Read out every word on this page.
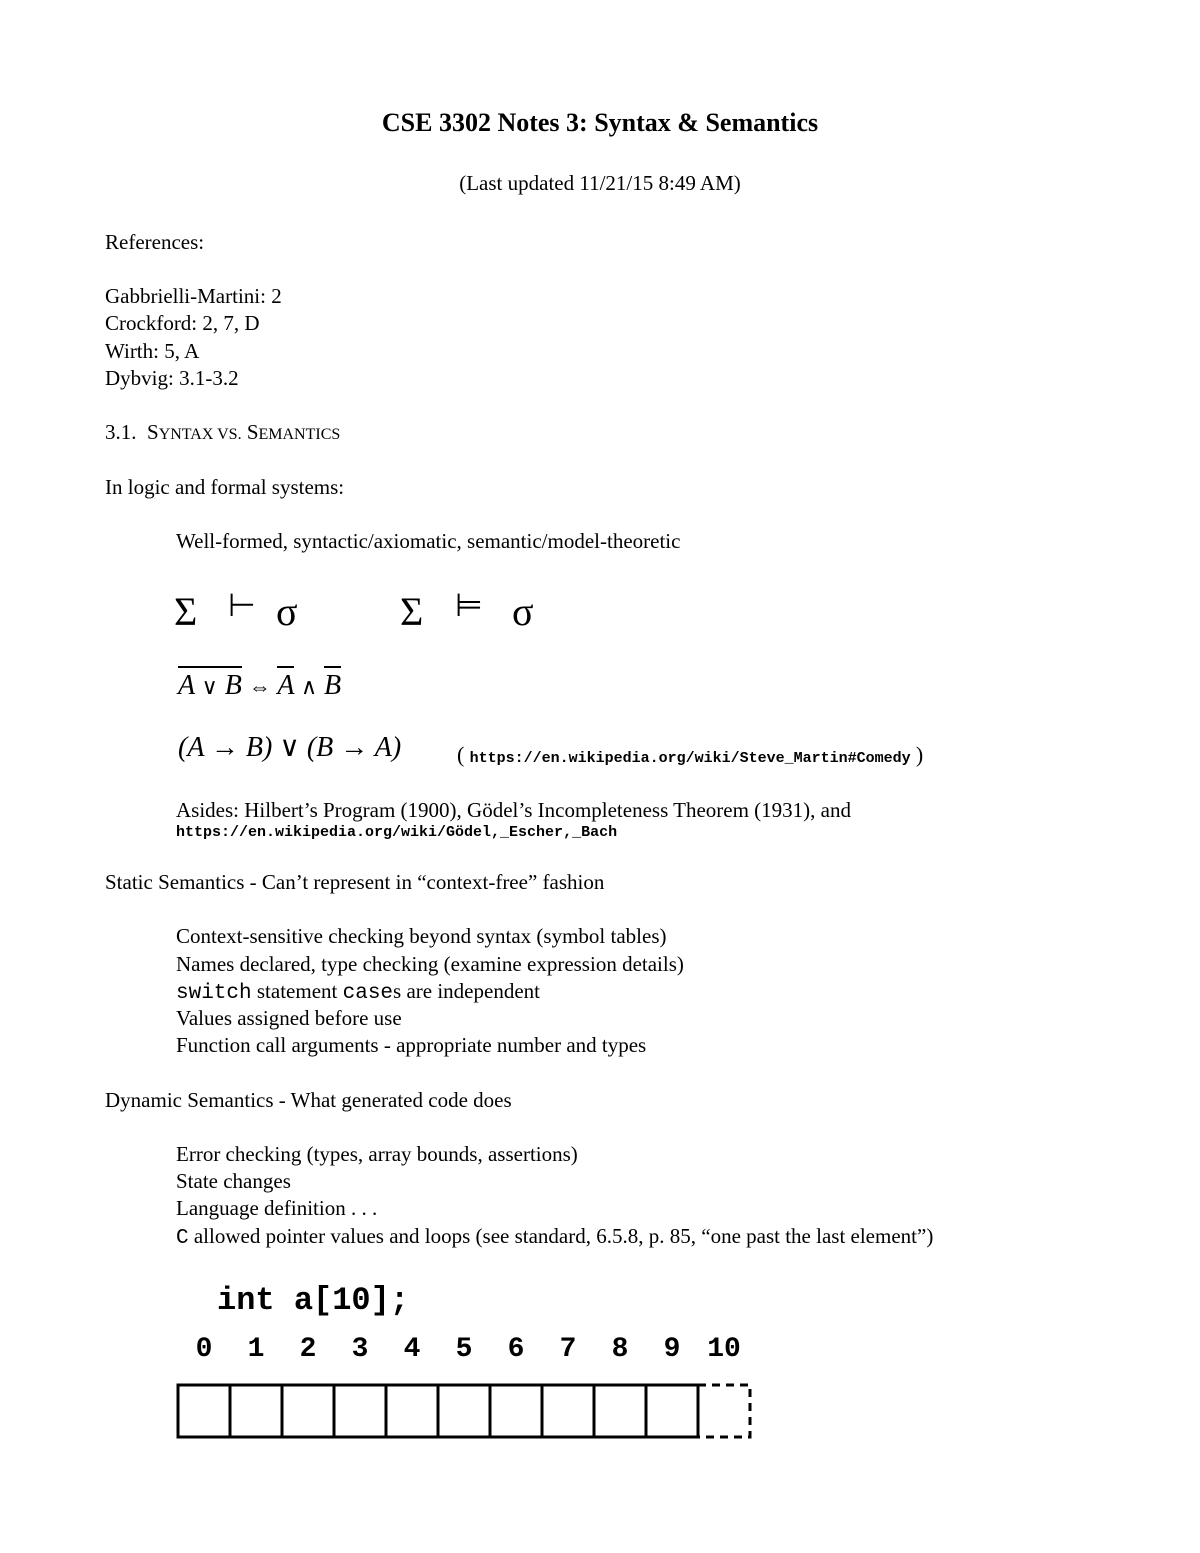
CSE 3302 Notes 3: Syntax & Semantics
(Last updated 11/21/15 8:49 AM)
References:
Gabbrielli-Martini: 2
Crockford: 2, 7, D
Wirth: 5, A
Dybvig: 3.1-3.2
3.1. SYNTAX VS. SEMANTICS
In logic and formal systems:
Well-formed, syntactic/axiomatic, semantic/model-theoretic
Σ ⊢ σ	Σ ⊨ σ
A ∨ B ⇔ A ∧ B
(A → B) ∨ (B → A)	( https://en.wikipedia.org/wiki/Steve_Martin#Comedy )
Asides: Hilbert’s Program (1900), Gödel’s Incompleteness Theorem (1931), and
https://en.wikipedia.org/wiki/Gödel,_Escher,_Bach
Static Semantics - Can’t represent in “context-free” fashion
Context-sensitive checking beyond syntax (symbol tables)
Names declared, type checking (examine expression details)
switch statement cases are independent
Values assigned before use
Function call arguments - appropriate number and types
Dynamic Semantics - What generated code does
Error checking (types, array bounds, assertions)
State changes
Language definition . . .
C allowed pointer values and loops (see standard, 6.5.8, p. 85, “one past the last element”)
int a[10];
0	1	2	3	4	5	6	7	8	9 10
